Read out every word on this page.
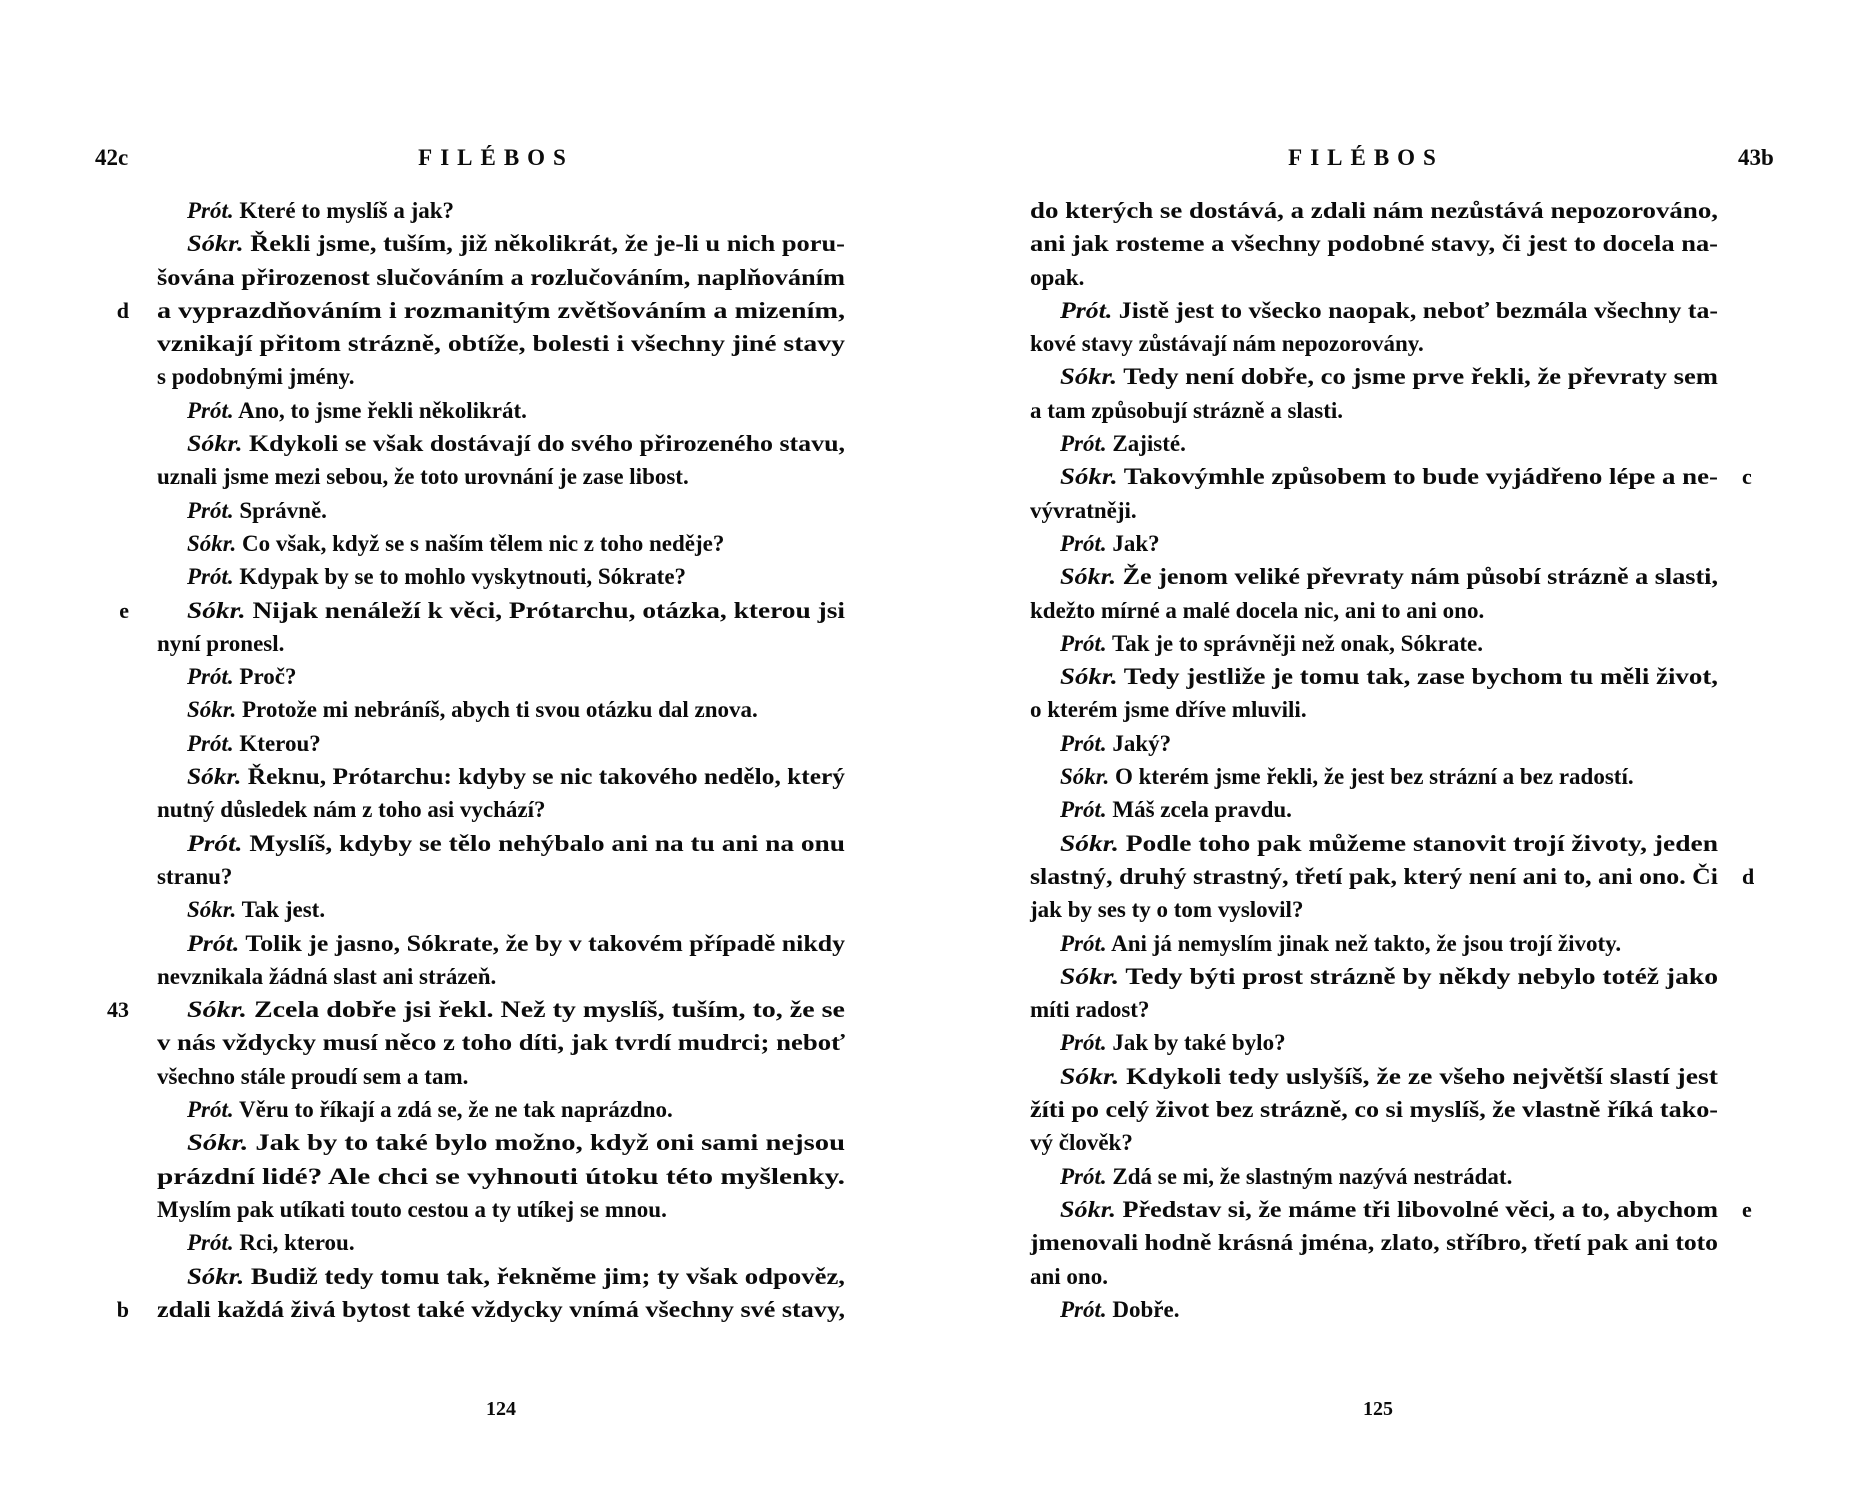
42c	FILÉBOS
Prót. Které to myslíš a jak?
Sókr. Řekli jsme, tuším, již několikrát, že je-li u nich poru-
šována přirozenost slučováním a rozlučováním, naplňováním
d	a vyprazdňováním i rozmanitým zvětšováním a mizením,
vznikají přitom strázně, obtíže, bolesti i všechny jiné stavy
s podobnými jmény.
Prót. Ano, to jsme řekli několikrát.
Sókr. Kdykoli se však dostávají do svého přirozeného stavu,
uznali jsme mezi sebou, že toto urovnání je zase libost.
Prót. Správně.
Sókr. Co však, když se s naším tělem nic z toho neděje?
Prót. Kdypak by se to mohlo vyskytnouti, Sókrate?
e	Sókr. Nijak nenáleží k věci, Prótarchu, otázka, kterou jsi
nyní pronesl.
Prót. Proč?
Sókr. Protože mi nebráníš, abych ti svou otázku dal znova.
Prót. Kterou?
Sókr. Řeknu, Prótarchu: kdyby se nic takového nedělo, který
nutný důsledek nám z toho asi vychází?
Prót. Myslíš, kdyby se tělo nehýbalo ani na tu ani na onu
stranu?
Sókr. Tak jest.
Prót. Tolik je jasno, Sókrate, že by v takovém případě nikdy
nevznikala žádná slast ani strázeň.
43	Sókr. Zcela dobře jsi řekl. Než ty myslíš, tuším, to, že se
v nás vždycky musí něco z toho díti, jak tvrdí mudrci; neboť
všechno stále proudí sem a tam.
Prót. Věru to říkají a zdá se, že ne tak naprázdno.
Sókr. Jak by to také bylo možno, když oni sami nejsou
prázdní lidé? Ale chci se vyhnouti útoku této myšlenky.
Myslím pak utíkati touto cestou a ty utíkej se mnou.
Prót. Rci, kterou.
Sókr. Budiž tedy tomu tak, řekněme jim; ty však odpověz,
b	zdali každá živá bytost také vždycky vnímá všechny své stavy,
124
FILÉBOS	43b
do kterých se dostává, a zdali nám nezůstává nepozorováno,
ani jak rosteme a všechny podobné stavy, či jest to docela na-
opak.
Prót. Jistě jest to všecko naopak, neboť bezmála všechny ta-
kové stavy zůstávají nám nepozorovány.
Sókr. Tedy není dobře, co jsme prve řekli, že převraty sem
a tam způsobují strázně a slasti.
Prót. Zajisté.
Sókr. Takovýmhle způsobem to bude vyjádřeno lépe a ne-	c
vývratněji.
Prót. Jak?
Sókr. Že jenom veliké převraty nám působí strázně a slasti,
kdežto mírné a malé docela nic, ani to ani ono.
Prót. Tak je to správněji než onak, Sókrate.
Sókr. Tedy jestliže je tomu tak, zase bychom tu měli život,
o kterém jsme dříve mluvili.
Prót. Jaký?
Sókr. O kterém jsme řekli, že jest bez strázní a bez radostí.
Prót. Máš zcela pravdu.
Sókr. Podle toho pak můžeme stanovit trojí životy, jeden
slastný, druhý strastný, třetí pak, který není ani to, ani ono. Či	d
jak by ses ty o tom vyslovil?
Prót. Ani já nemyslím jinak než takto, že jsou trojí životy.
Sókr. Tedy býti prost strázně by někdy nebylo totéž jako
míti radost?
Prót. Jak by také bylo?
Sókr. Kdykoli tedy uslyšíš, že ze všeho největší slastí jest
žíti po celý život bez strázně, co si myslíš, že vlastně říká tako-
vý člověk?
Prót. Zdá se mi, že slastným nazývá nestrádat.
Sókr. Představ si, že máme tři libovolné věci, a to, abychom	e
jmenovali hodně krásná jména, zlato, stříbro, třetí pak ani toto
ani ono.
Prót. Dobře.
125
